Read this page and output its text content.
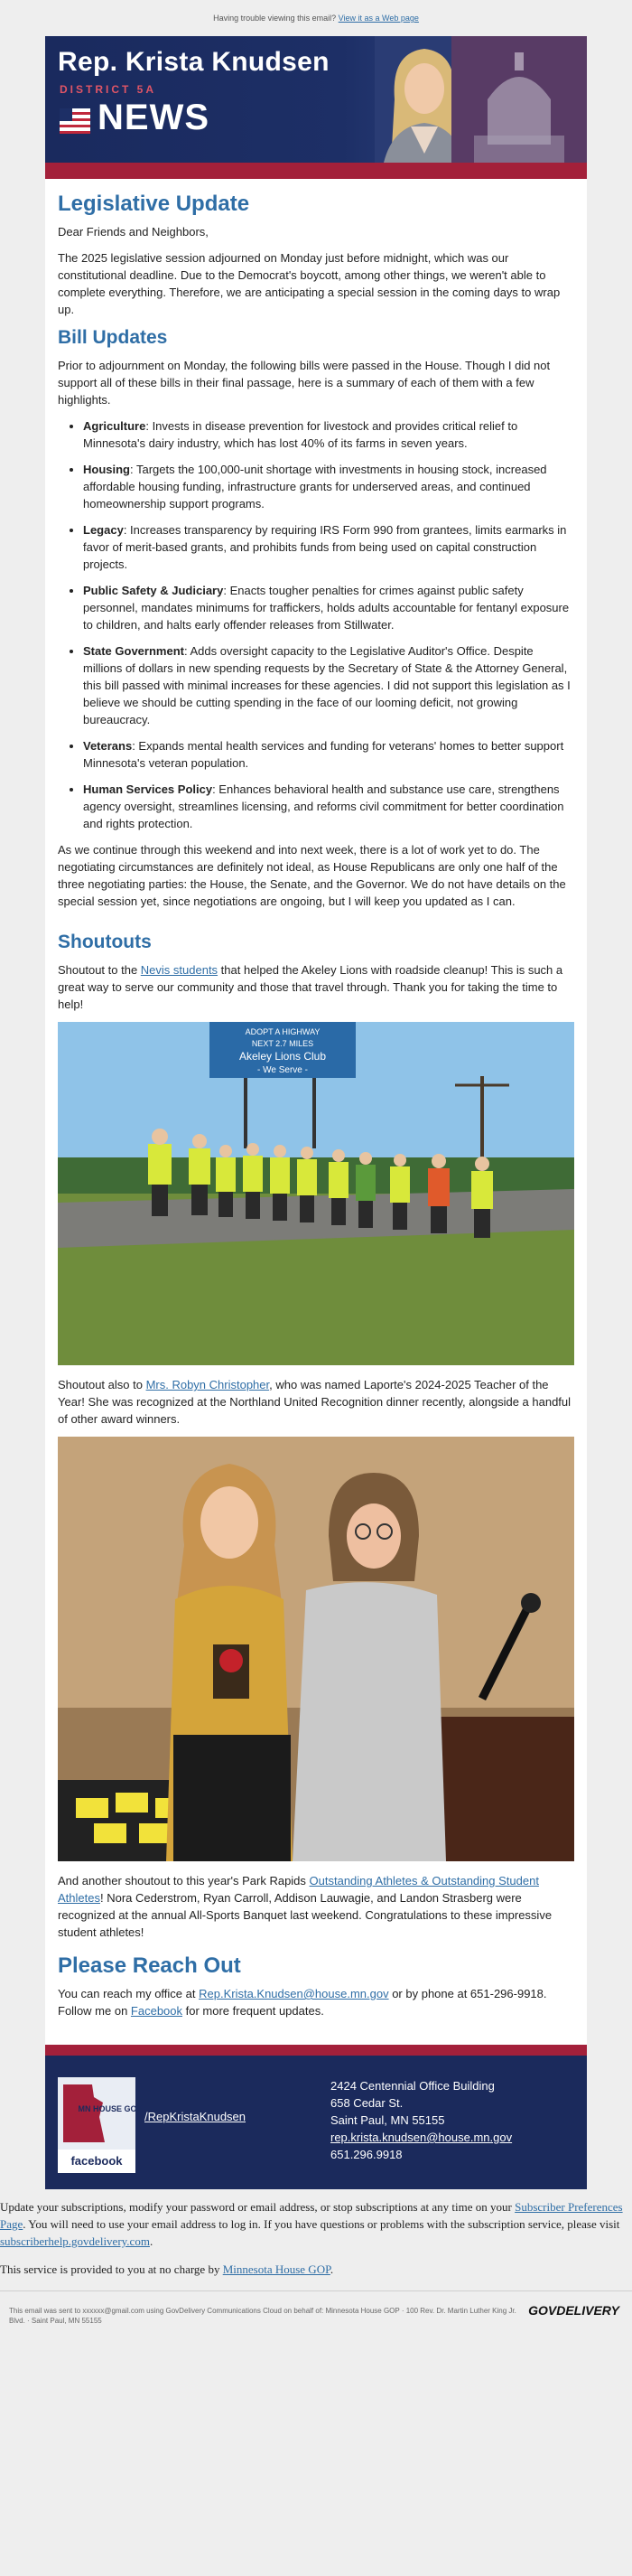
Having trouble viewing this email? View it as a Web page
Rep. Krista Knudsen
DISTRICT 5A
NEWS
Legislative Update

Dear Friends and Neighbors,

The 2025 legislative session adjourned on Monday just before midnight, which was our constitutional deadline. Due to the Democrat's boycott, among other things, we weren't able to complete everything. Therefore, we are anticipating a special session in the coming days to wrap up.

Bill Updates

Prior to adjournment on Monday, the following bills were passed in the House. Though I did not support all of these bills in their final passage, here is a summary of each of them with a few highlights.

• Agriculture: Invests in disease prevention for livestock and provides critical relief to Minnesota's dairy industry, which has lost 40% of its farms in seven years.
• Housing: Targets the 100,000-unit shortage with investments in housing stock, increased affordable housing funding, infrastructure grants for underserved areas, and continued homeownership support programs.
• Legacy: Increases transparency by requiring IRS Form 990 from grantees, limits earmarks in favor of merit-based grants, and prohibits funds from being used on capital construction projects.
• Public Safety & Judiciary: Enacts tougher penalties for crimes against public safety personnel, mandates minimums for traffickers, holds adults accountable for fentanyl exposure to children, and halts early offender releases from Stillwater.
• State Government: Adds oversight capacity to the Legislative Auditor's Office. Despite millions of dollars in new spending requests by the Secretary of State & the Attorney General, this bill passed with minimal increases for these agencies. I did not support this legislation as I believe we should be cutting spending in the face of our looming deficit, not growing bureaucracy.
• Veterans: Expands mental health services and funding for veterans' homes to better support Minnesota's veteran population.
• Human Services Policy: Enhances behavioral health and substance use care, strengthens agency oversight, streamlines licensing, and reforms civil commitment for better coordination and rights protection.

As we continue through this weekend and into next week, there is a lot of work yet to do. The negotiating circumstances are definitely not ideal, as House Republicans are only one half of the three negotiating parties: the House, the Senate, and the Governor. We do not have details on the special session yet, since negotiations are ongoing, but I will keep you updated as I can.

Shoutouts

Shoutout to the Nevis students that helped the Akeley Lions with roadside cleanup! This is such a great way to serve our community and those that travel through. Thank you for taking the time to help!

ADOPT A HIGHWAY
NEXT 2.7 MILES
Akeley Lions Club
- We Serve -

Shoutout also to Mrs. Robyn Christopher, who was named Laporte's 2024-2025 Teacher of the Year! She was recognized at the Northland United Recognition dinner recently, alongside a handful of other award winners.

And another shoutout to this year's Park Rapids Outstanding Athletes & Outstanding Student Athletes! Nora Cederstrom, Ryan Carroll, Addison Lauwagie, and Landon Strasberg were recognized at the annual All-Sports Banquet last weekend. Congratulations to these impressive student athletes!

Please Reach Out

You can reach my office at Rep.Krista.Knudsen@house.mn.gov or by phone at 651-296-9918. Follow me on Facebook for more frequent updates.

MN HOUSE GOP
facebook
/RepKristaKnudsen
2424 Centennial Office Building
658 Cedar St.
Saint Paul, MN 55155
rep.krista.knudsen@house.mn.gov
651.296.9918

Update your subscriptions, modify your password or email address, or stop subscriptions at any time on your Subscriber Preferences Page. You will need to use your email address to log in. If you have questions or problems with the subscription service, please visit subscriberhelp.govdelivery.com.

This service is provided to you at no charge by Minnesota House GOP.

This email was sent to xxxxxx@gmail.com using GovDelivery Communications Cloud on behalf of: Minnesota House GOP · 100 Rev. Dr. Martin Luther King Jr. Blvd. · Saint Paul, MN 55155
GOVDELIVERY
